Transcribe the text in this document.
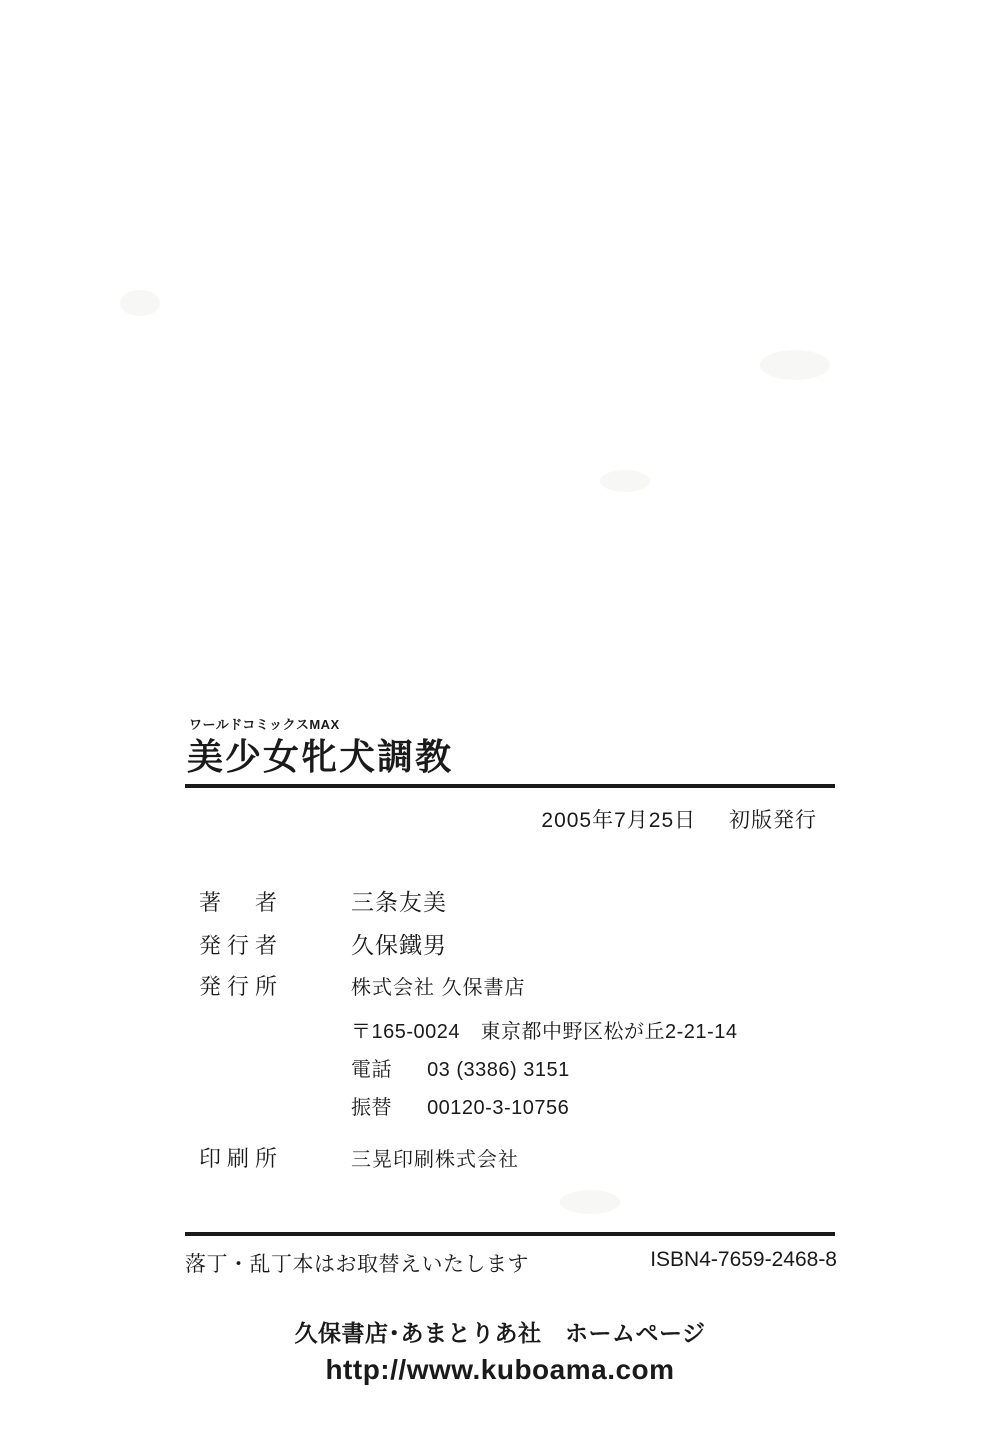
ワールドコミックスMAX
美少女牝犬調教
2005年7月25日 初版発行
著　者	三条友美
発行者	久保鐵男
発行所	株式会社 久保書店
〒165-0024　東京都中野区松が丘2-21-14
電話 03 (3386) 3151
振替 00120-3-10756
印刷所	三晃印刷株式会社
落丁・乱丁本はお取替えいたします	ISBN4-7659-2468-8
久保書店･あまとりあ社　ホームページ
http://www.kuboama.com
